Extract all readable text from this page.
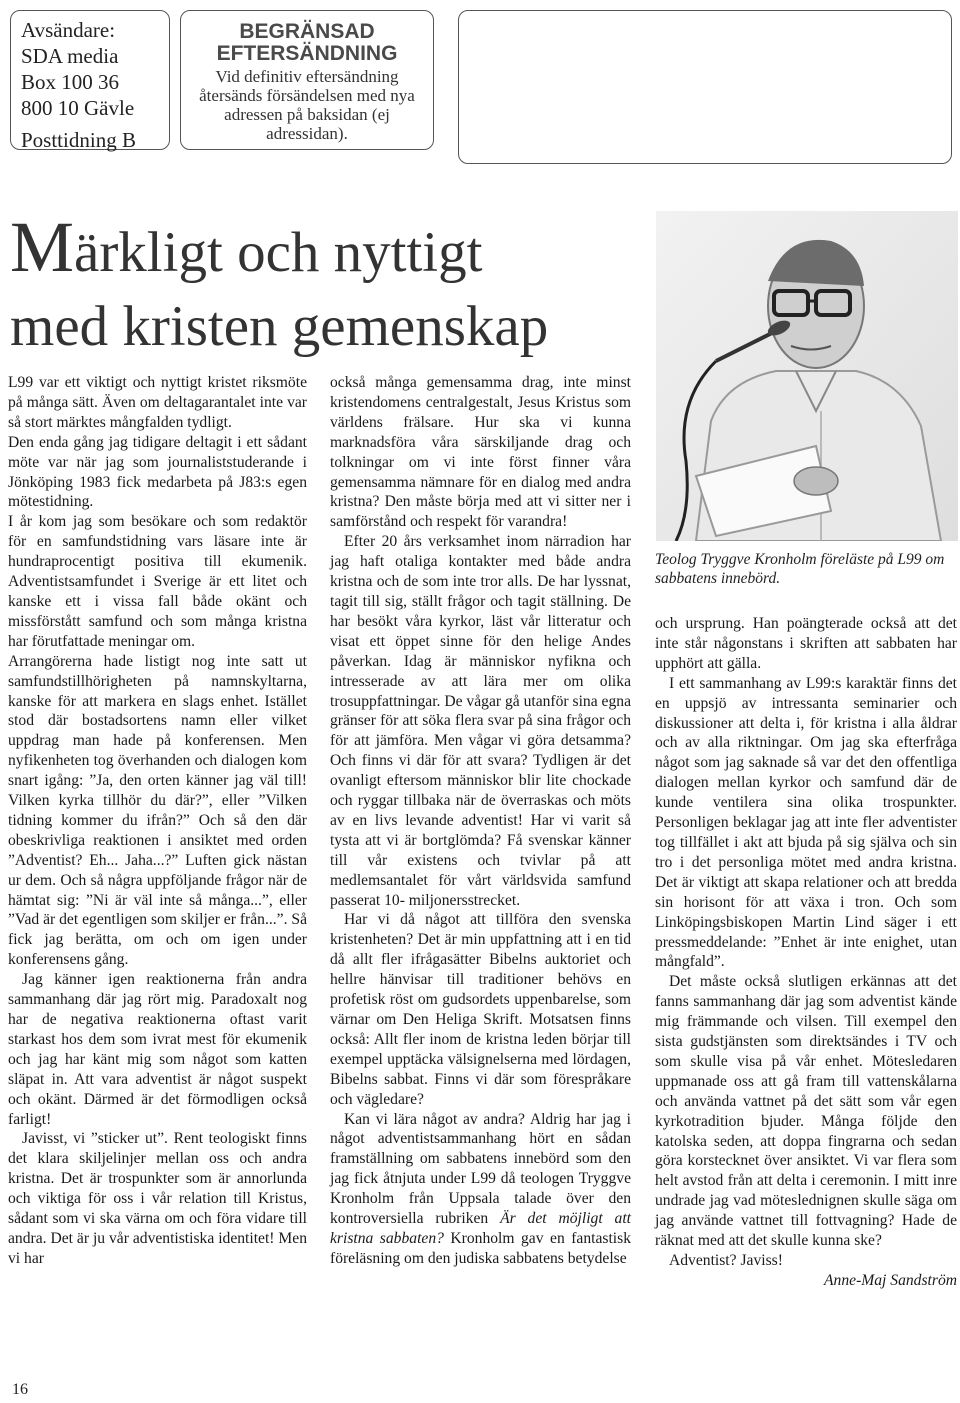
Avsändare:
SDA media
Box 100 36
800 10 Gävle
Posttidning B
BEGRÄNSAD
EFTERSÄNDNING
Vid definitiv eftersändning återsänds försändelsen med nya adressen på baksidan (ej adressidan).
Märkligt och nyttigt
med kristen gemenskap
Teolog Tryggve Kronholm föreläste på L99 om sabbatens innebörd.

L99 var ett viktigt och nyttigt kristet riksmöte på många sätt. Även om deltagarantalet inte var så stort märktes mångfalden tydligt.

Den enda gång jag tidigare deltagit i ett sådant möte var när jag som journaliststuderande i Jönköping 1983 fick medarbeta på J83:s egen mötestidning.

I år kom jag som besökare och som redaktör för en samfundstidning vars läsare inte är hundraprocentigt positiva till ekumenik. Adventistsamfundet i Sverige är ett litet och kanske ett i vissa fall både okänt och missförstått samfund och som många kristna har förutfattade meningar om.

Arrangörerna hade listigt nog inte satt ut samfundstillhörigheten på namnskyltarna, kanske för att markera en slags enhet. Istället stod där bostadsortens namn eller vilket uppdrag man hade på konferensen. Men nyfikenheten tog överhanden och dialogen kom snart igång: ”Ja, den orten känner jag väl till! Vilken kyrka tillhör du där?”, eller ”Vilken tidning kommer du ifrån?” Och så den där obeskrivliga reaktionen i ansiktet med orden ”Adventist? Eh... Jaha...?” Luften gick nästan ur dem. Och så några uppföljande frågor när de hämtat sig: ”Ni är väl inte så många...”, eller ”Vad är det egentligen som skiljer er från...”. Så fick jag berätta, om och om igen under konferensens gång.

Jag känner igen reaktionerna från andra sammanhang där jag rört mig. Paradoxalt nog har de negativa reaktionerna oftast varit starkast hos dem som ivrat mest för ekumenik och jag har känt mig som något som katten släpat in. Att vara adventist är något suspekt och okänt. Därmed är det förmodligen också farligt!

Javisst, vi ”sticker ut”. Rent teologiskt finns det klara skiljelinjer mellan oss och andra kristna. Det är trospunkter som är annorlunda och viktiga för oss i vår relation till Kristus, sådant som vi ska värna om och föra vidare till andra. Det är ju vår adventistiska identitet! Men vi har

också många gemensamma drag, inte minst kristendomens centralgestalt, Jesus Kristus som världens frälsare. Hur ska vi kunna marknadsföra våra särskiljande drag och tolkningar om vi inte först finner våra gemensamma nämnare för en dialog med andra kristna? Den måste börja med att vi sitter ner i samförstånd och respekt för varandra!

Efter 20 års verksamhet inom närradion har jag haft otaliga kontakter med både andra kristna och de som inte tror alls. De har lyssnat, tagit till sig, ställt frågor och tagit ställning. De har besökt våra kyrkor, läst vår litteratur och visat ett öppet sinne för den helige Andes påverkan. Idag är människor nyfikna och intresserade av att lära mer om olika trosuppfattningar. De vågar gå utanför sina egna gränser för att söka flera svar på sina frågor och för att jämföra. Men vågar vi göra detsamma? Och finns vi där för att svara? Tydligen är det ovanligt eftersom människor blir lite chockade och ryggar tillbaka när de överraskas och möts av en livs levande adventist! Har vi varit så tysta att vi är bortglömda? Få svenskar känner till vår existens och tvivlar på att medlemsantalet för vårt världsvida samfund passerat 10- miljonersstrecket.

Har vi då något att tillföra den svenska kristenheten? Det är min uppfattning att i en tid då allt fler ifrågasätter Bibelns auktoriet och hellre hänvisar till traditioner behövs en profetisk röst om gudsordets uppenbarelse, som värnar om Den Heliga Skrift. Motsatsen finns också: Allt fler inom de kristna leden börjar till exempel upptäcka välsignelserna med lördagen, Bibelns sabbat. Finns vi där som förespråkare och vägledare?

Kan vi lära något av andra? Aldrig har jag i något adventistsammanhang hört en sådan framställning om sabbatens innebörd som den jag fick åtnjuta under L99 då teologen Tryggve Kronholm från Uppsala talade över den kontroversiella rubriken Är det möjligt att kristna sabbaten? Kronholm gav en fantastisk föreläsning om den judiska sabbatens betydelse

och ursprung. Han poängterade också att det inte står någonstans i skriften att sabbaten har upphört att gälla.

I ett sammanhang av L99:s karaktär finns det en uppsjö av intressanta seminarier och diskussioner att delta i, för kristna i alla åldrar och av alla riktningar. Om jag ska efterfråga något som jag saknade så var det den offentliga dialogen mellan kyrkor och samfund där de kunde ventilera sina olika trospunkter. Personligen beklagar jag att inte fler adventister tog tillfället i akt att bjuda på sig själva och sin tro i det personliga mötet med andra kristna. Det är viktigt att skapa relationer och att bredda sin horisont för att växa i tron. Och som Linköpingsbiskopen Martin Lind säger i ett pressmeddelande: ”Enhet är inte enighet, utan mångfald”.

Det måste också slutligen erkännas att det fanns sammanhang där jag som adventist kände mig främmande och vilsen. Till exempel den sista gudstjänsten som direktsändes i TV och som skulle visa på vår enhet. Mötesledaren uppmanade oss att gå fram till vattenskålarna och använda vattnet på det sätt som vår egen kyrkotradition bjuder. Många följde den katolska seden, att doppa fingrarna och sedan göra korstecknet över ansiktet. Vi var flera som helt avstod från att delta i ceremonin. I mitt inre undrade jag vad möteslednignen skulle säga om jag använde vattnet till fottvagning? Hade de räknat med att det skulle kunna ske?

Adventist? Javiss!

Anne-Maj Sandström

16
